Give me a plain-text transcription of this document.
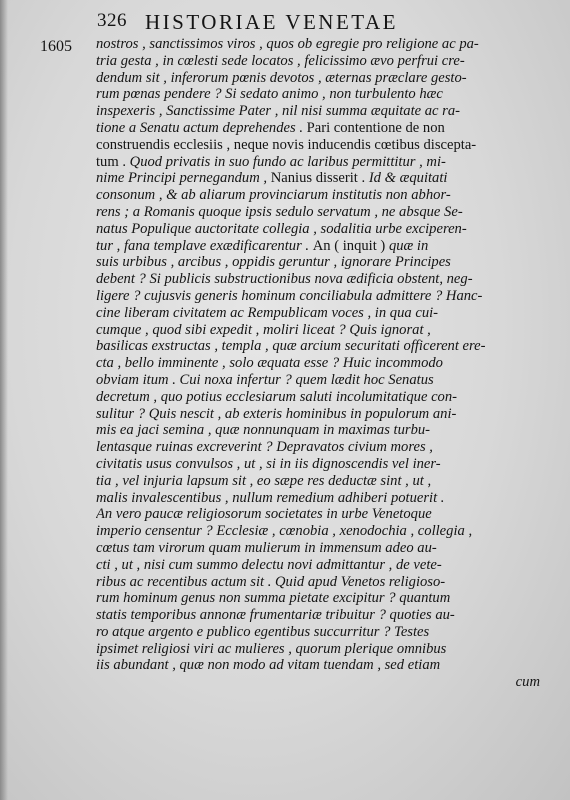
326 HISTORIAE VENETAE
1605 nostros , sanctissimos viros , quos ob egregie pro religione ac pa-
tria gesta , in cœlesti sede locatos , felicissimo ævo perfrui cre-
dendum sit , inferorum pœnis devotos , æternas præclare gesto-
rum pœnas pendere ? Si sedato animo , non turbulento hæc
inspexeris , Sanctissime Pater , nil nisi summa æquitate ac ra-
tione a Senatu actum deprehendes . Pari contentione de non
construendis ecclesiis , neque novis inducendis cœtibus discepta-
tum . Quod privatis in suo fundo ac laribus permittitur , mi-
nime Principi pernegandum , Nanius disserit . Id & æquitati
consonum , & ab aliarum provinciarum institutis non abhor-
rens ; a Romanis quoque ipsis sedulo servatum , ne absque Se-
natus Populique auctoritate collegia , sodalitia urbe exciperen-
tur , fana templave exædificarentur . An ( inquit ) quæ in
suis urbibus , arcibus , oppidis geruntur , ignorare Principes
debent ? Si publicis substructionibus nova ædificia obstent, neg-
ligere ? cujusvis generis hominum conciliabula admittere ? Hanc-
cine liberam civitatem ac Rempublicam voces , in qua cui-
cumque , quod sibi expedit , moliri liceat ? Quis ignorat ,
basilicas exstructas , templa , quæ arcium securitati officerent ere-
cta , bello imminente , solo æquata esse ? Huic incommodo
obviam itum . Cui noxa infertur ? quem lædit hoc Senatus
decretum , quo potius ecclesiarum saluti incolumitatique con-
sulitur ? Quis nescit , ab exteris hominibus in populorum ani-
mis ea jaci semina , quæ nonnunquam in maximas turbu-
lentasque ruinas excreverint ? Depravatos civium mores ,
civitatis usus convulsos , ut , si in iis dignoscendis vel iner-
tia , vel injuria lapsum sit , eo sæpe res deductæ sint , ut ,
malis invalescentibus , nullum remedium adhiberi potuerit .
An vero paucæ religiosorum societates in urbe Venetoque
imperio censentur ? Ecclesiæ , cœnobia , xenodochia , collegia ,
cœtus tam virorum quam mulierum in immensum adeo au-
cti , ut , nisi cum summo delectu novi admittantur , de vete-
ribus ac recentibus actum sit . Quid apud Venetos religioso-
rum hominum genus non summa pietate excipitur ? quantum
statis temporibus annonæ frumentariæ tribuitur ? quoties au-
ro atque argento e publico egentibus succurritur ? Testes
ipsimet religiosi viri ac mulieres , quorum plerique omnibus
iis abundant , quæ non modo ad vitam tuendam , sed etiam
cum
